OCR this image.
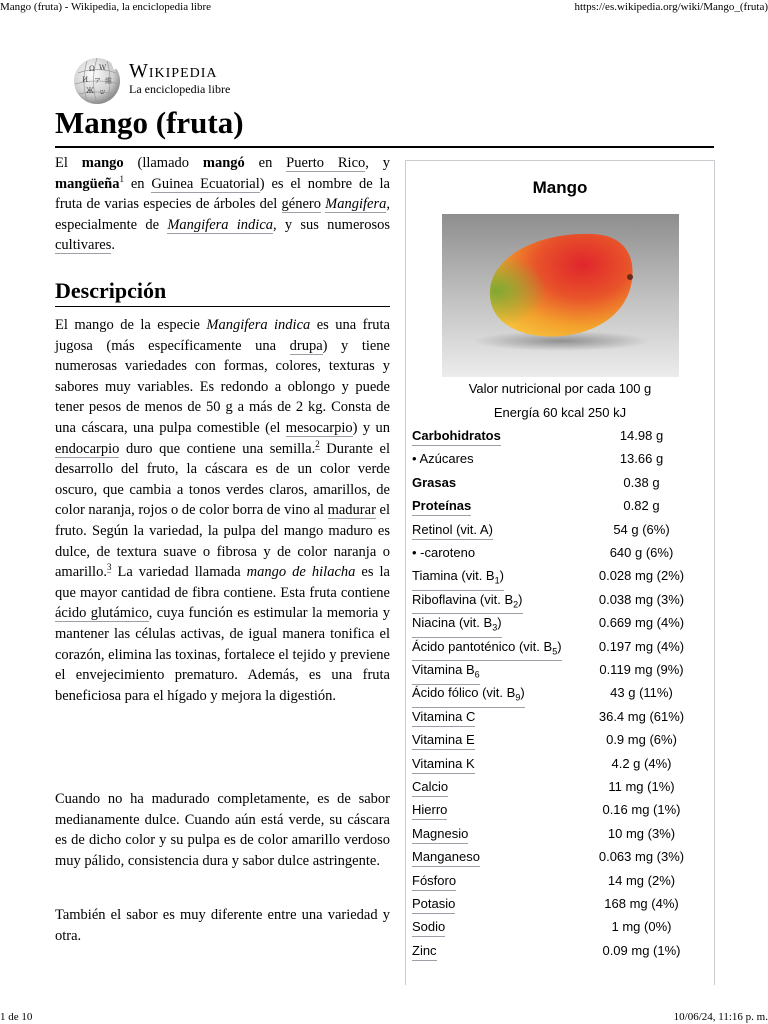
Mango (fruta) - Wikipedia, la enciclopedia libre	https://es.wikipedia.org/wiki/Mango_(fruta)
Ω W
И ア 維
Ж ש
Wikipedia
La enciclopedia libre
Mango (fruta)
El mango (llamado mangó en Puerto Rico, y mangüeña$^1$ en Guinea Ecuatorial) es el nombre de la fruta de varias especies de árboles del género Mangifera, especialmente de Mangifera indica, y sus numerosos cultivares.
Descripción
El mango de la especie Mangifera indica es una fruta jugosa (más específicamente una drupa) y tiene numerosas variedades con formas, colores, texturas y sabores muy variables. Es redondo a oblongo y puede tener pesos de menos de 50 g a más de 2 kg. Consta de una cáscara, una pulpa comestible (el mesocarpio) y un endocarpio duro que contiene una semilla.$^2$ Durante el desarrollo del fruto, la cáscara es de un color verde oscuro, que cambia a tonos verdes claros, amarillos, de color naranja, rojos o de color borra de vino al madurar el fruto. Según la variedad, la pulpa del mango maduro es dulce, de textura suave o fibrosa y de color naranja o amarillo.$^3$ La variedad llamada mango de hilacha es la que mayor cantidad de fibra contiene. Esta fruta contiene ácido glutámico, cuya función es estimular la memoria y mantener las células activas, de igual manera tonifica el corazón, elimina las toxinas, fortalece el tejido y previene el envejecimiento prematuro. Además, es una fruta beneficiosa para el hígado y mejora la digestión.
Cuando no ha madurado completamente, es de sabor medianamente dulce. Cuando aún está verde, su cáscara es de dicho color y su pulpa es de color amarillo verdoso muy pálido, consistencia dura y sabor dulce astringente.
También el sabor es muy diferente entre una variedad y otra.
Mango
Valor nutricional por cada 100 g
Energía 60 kcal 250 kJ
Carbohidratos	14.98 g
• Azúcares	13.66 g
Grasas	0.38 g
Proteínas	0.82 g
Retinol (vit. A)	54 g (6%)
• -caroteno	640 g (6%)
Tiamina (vit. $B_1$)	0.028 mg (2%)
Riboflavina (vit. $B_2$)	0.038 mg (3%)
Niacina (vit. $B_3$)	0.669 mg (4%)
Ácido pantoténico (vit. $B_5$)	0.197 mg (4%)
Vitamina $B_6$	0.119 mg (9%)
Ácido fólico (vit. $B_9$)	43 g (11%)
Vitamina C	36.4 mg (61%)
Vitamina E	0.9 mg (6%)
Vitamina K	4.2 g (4%)
Calcio	11 mg (1%)
Hierro	0.16 mg (1%)
Magnesio	10 mg (3%)
Manganeso	0.063 mg (3%)
Fósforo	14 mg (2%)
Potasio	168 mg (4%)
Sodio	1 mg (0%)
Zinc	0.09 mg (1%)
1 de 10	10/06/24, 11:16 p. m.
